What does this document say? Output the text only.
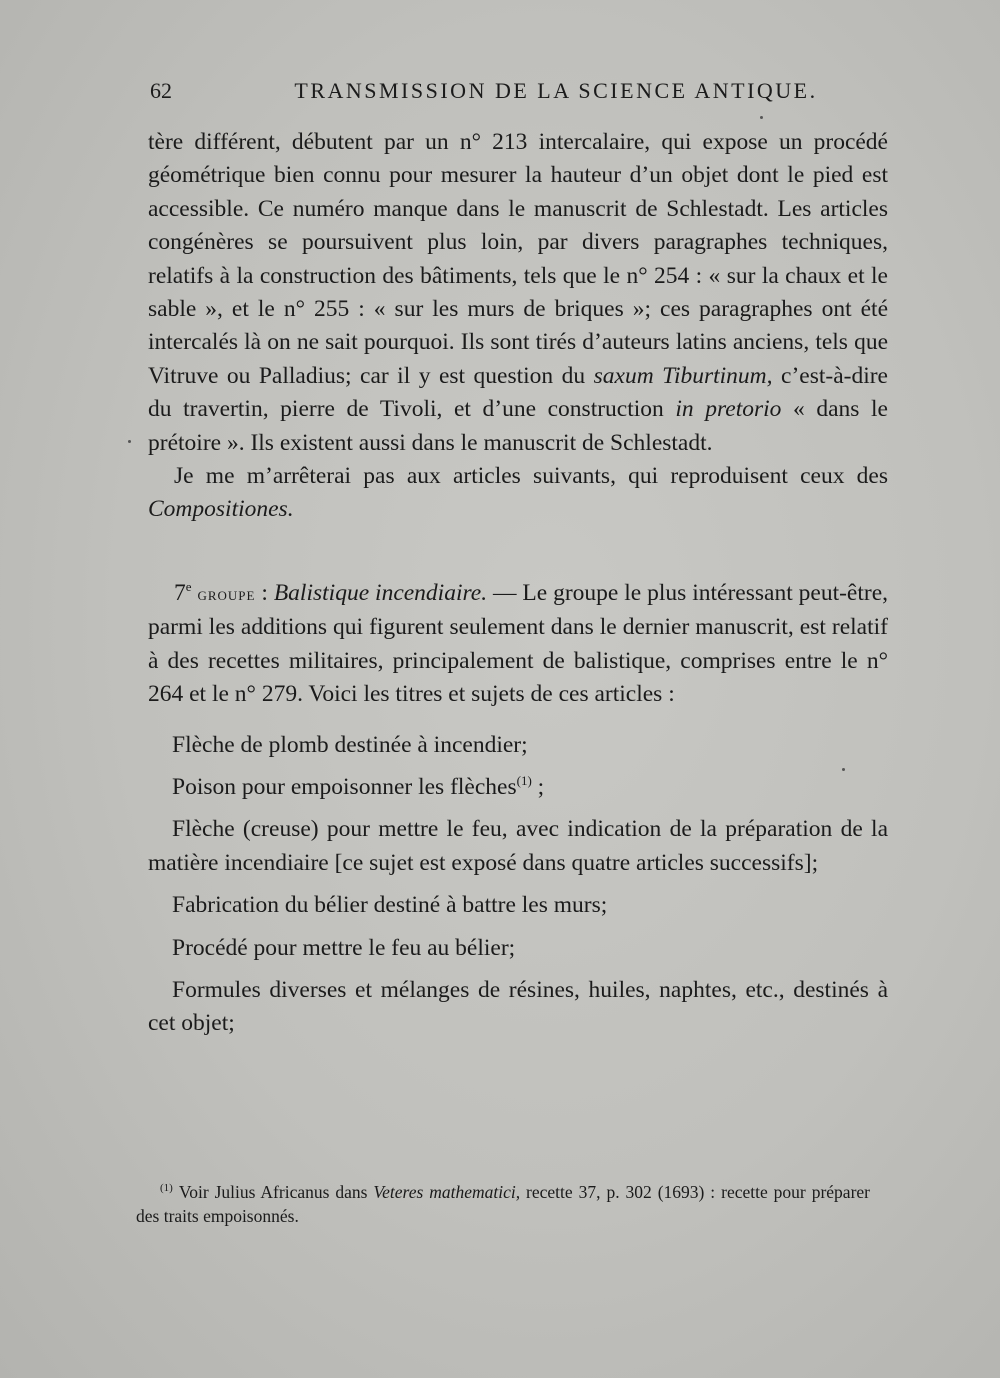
62	TRANSMISSION DE LA SCIENCE ANTIQUE.

tère différent, débutent par un n° 213 intercalaire, qui expose un procédé géométrique bien connu pour mesurer la hauteur d’un objet dont le pied est accessible. Ce numéro manque dans le manuscrit de Schlestadt. Les articles congénères se poursuivent plus loin, par divers paragraphes techniques, relatifs à la construction des bâtiments, tels que le n° 254 : « sur la chaux et le sable », et le n° 255 : « sur les murs de briques »; ces paragraphes ont été intercalés là on ne sait pourquoi. Ils sont tirés d’auteurs latins anciens, tels que Vitruve ou Palladius; car il y est question du saxum Tiburtinum, c’est-à-dire du travertin, pierre de Tivoli, et d’une construction in pretorio « dans le prétoire ». Ils existent aussi dans le manuscrit de Schlestadt.

Je me m’arrêterai pas aux articles suivants, qui reproduisent ceux des Compositiones.

7e groupe : Balistique incendiaire. — Le groupe le plus intéressant peut-être, parmi les additions qui figurent seulement dans le dernier manuscrit, est relatif à des recettes militaires, principalement de balistique, comprises entre le n° 264 et le n° 279. Voici les titres et sujets de ces articles :

Flèche de plomb destinée à incendier;

Poison pour empoisonner les flèches$^{(1)}$ ;

Flèche (creuse) pour mettre le feu, avec indication de la préparation de la matière incendiaire [ce sujet est exposé dans quatre articles successifs];

Fabrication du bélier destiné à battre les murs;

Procédé pour mettre le feu au bélier;

Formules diverses et mélanges de résines, huiles, naphtes, etc., destinés à cet objet;

$^{(1)}$ Voir Julius Africanus dans Veteres mathematici, recette 37, p. 302 (1693) : recette pour préparer des traits empoisonnés.
